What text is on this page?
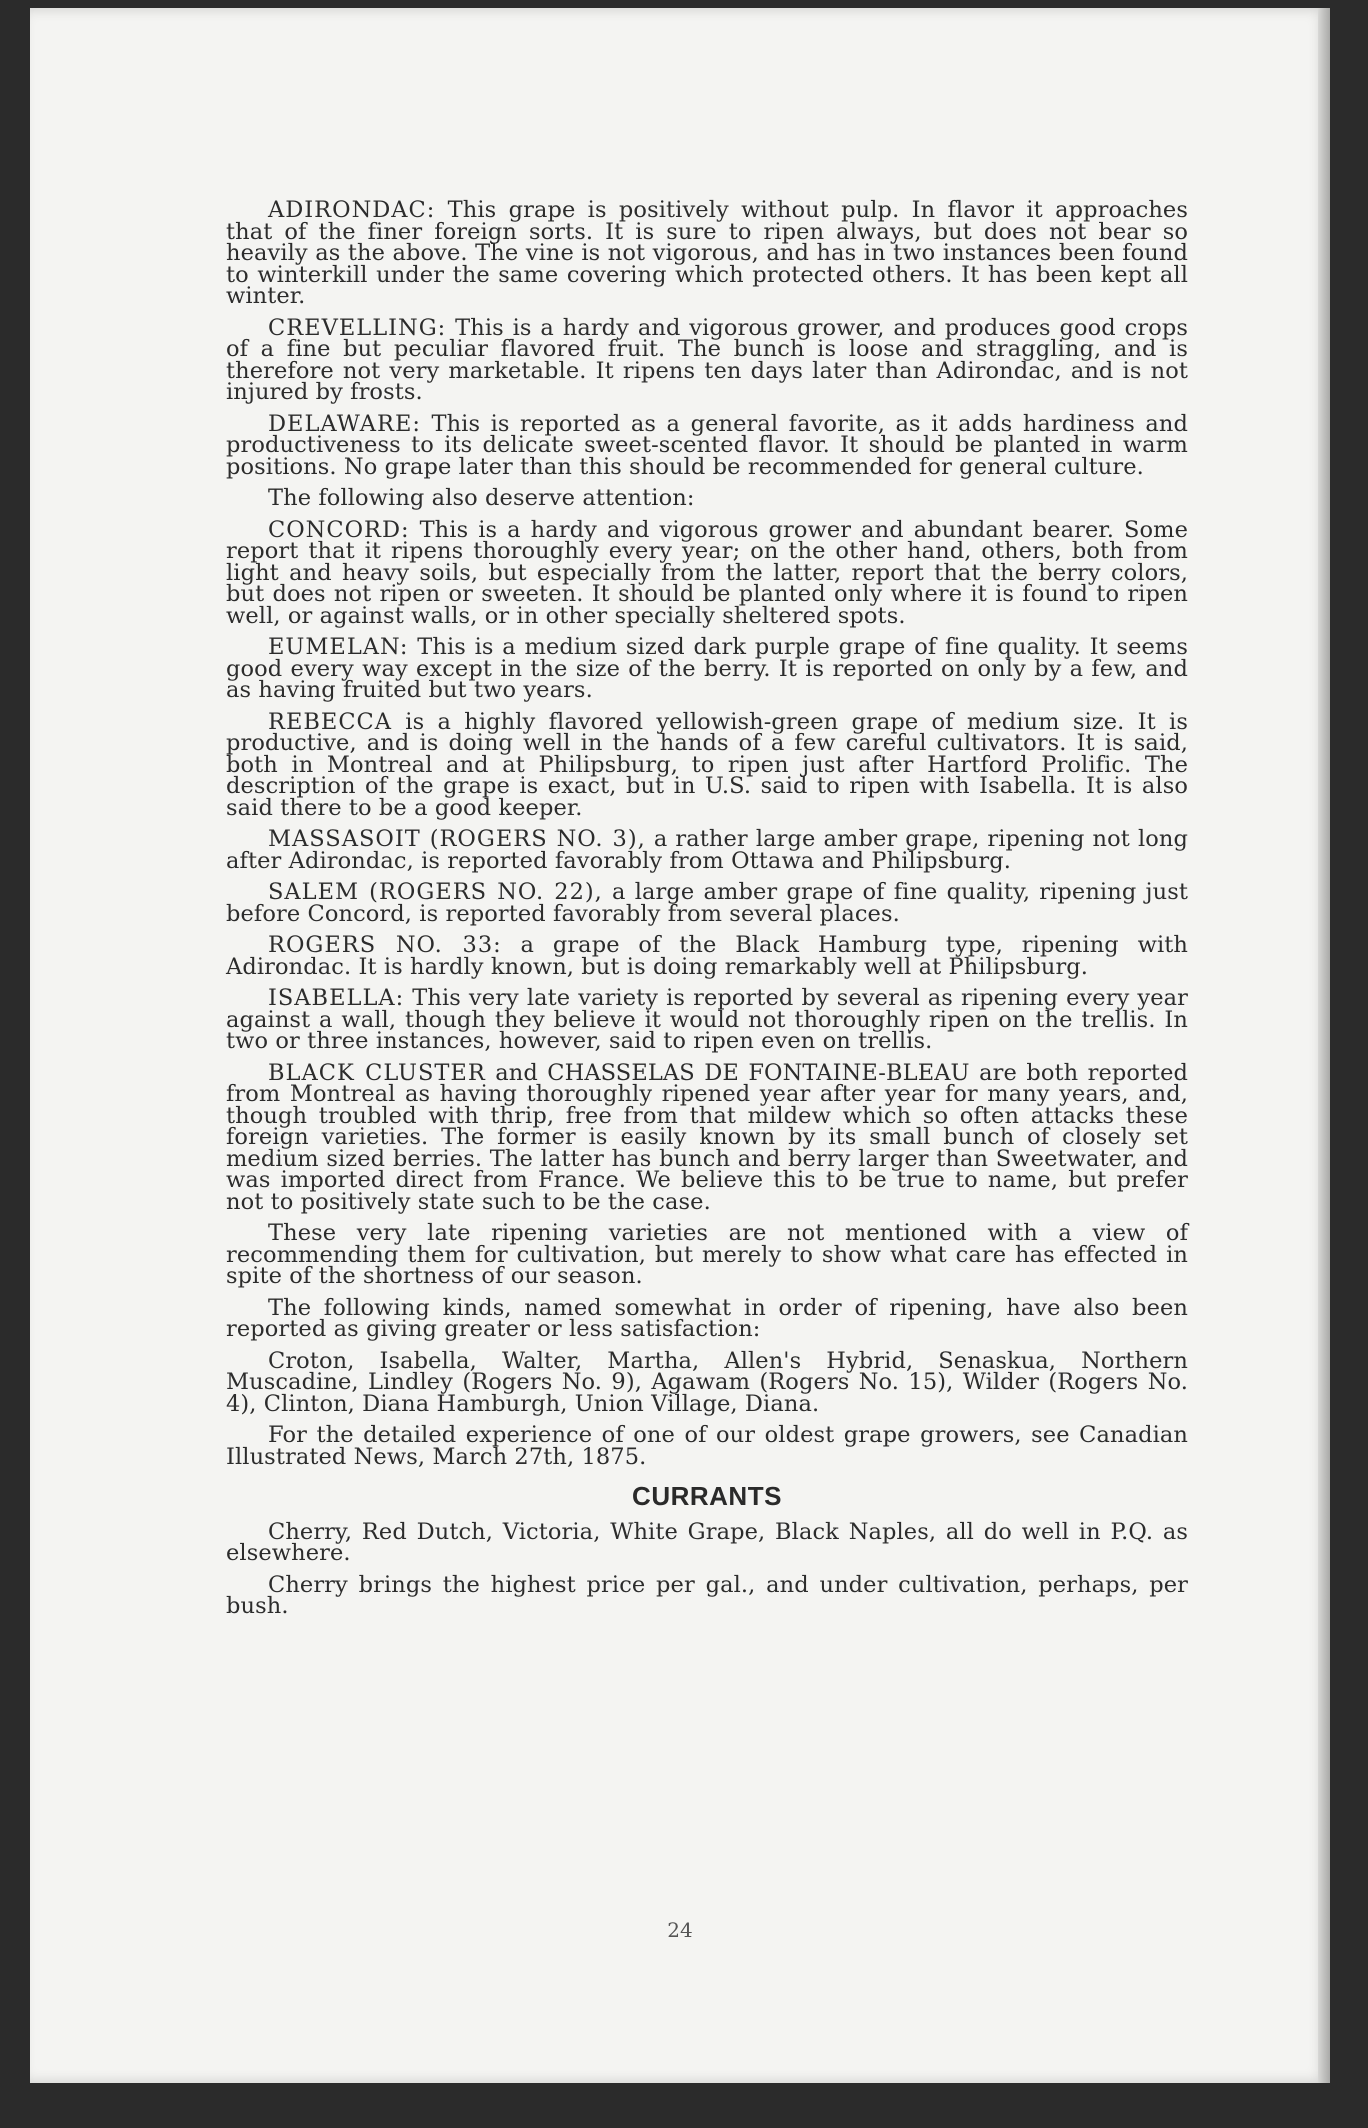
ADIRONDAC: This grape is positively without pulp. In flavor it approaches that of the finer foreign sorts. It is sure to ripen always, but does not bear so heavily as the above. The vine is not vigorous, and has in two instances been found to winterkill under the same covering which protected others. It has been kept all winter.

CREVELLING: This is a hardy and vigorous grower, and produces good crops of a fine but peculiar flavored fruit. The bunch is loose and straggling, and is therefore not very marketable. It ripens ten days later than Adirondac, and is not injured by frosts.

DELAWARE: This is reported as a general favorite, as it adds hardiness and productiveness to its delicate sweet-scented flavor. It should be planted in warm positions. No grape later than this should be recommended for general culture.

The following also deserve attention:

CONCORD: This is a hardy and vigorous grower and abundant bearer. Some report that it ripens thoroughly every year; on the other hand, others, both from light and heavy soils, but especially from the latter, report that the berry colors, but does not ripen or sweeten. It should be planted only where it is found to ripen well, or against walls, or in other specially sheltered spots.

EUMELAN: This is a medium sized dark purple grape of fine quality. It seems good every way except in the size of the berry. It is reported on only by a few, and as having fruited but two years.

REBECCA is a highly flavored yellowish-green grape of medium size. It is productive, and is doing well in the hands of a few careful cultivators. It is said, both in Montreal and at Philipsburg, to ripen just after Hartford Prolific. The description of the grape is exact, but in U.S. said to ripen with Isabella. It is also said there to be a good keeper.

MASSASOIT (ROGERS NO. 3), a rather large amber grape, ripening not long after Adirondac, is reported favorably from Ottawa and Philipsburg.

SALEM (ROGERS NO. 22), a large amber grape of fine quality, ripening just before Concord, is reported favorably from several places.

ROGERS NO. 33: a grape of the Black Hamburg type, ripening with Adirondac. It is hardly known, but is doing remarkably well at Philipsburg.

ISABELLA: This very late variety is reported by several as ripening every year against a wall, though they believe it would not thoroughly ripen on the trellis. In two or three instances, however, said to ripen even on trellis.

BLACK CLUSTER and CHASSELAS DE FONTAINE-BLEAU are both reported from Montreal as having thoroughly ripened year after year for many years, and, though troubled with thrip, free from that mildew which so often attacks these foreign varieties. The former is easily known by its small bunch of closely set medium sized berries. The latter has bunch and berry larger than Sweetwater, and was imported direct from France. We believe this to be true to name, but prefer not to positively state such to be the case.

These very late ripening varieties are not mentioned with a view of recommending them for cultivation, but merely to show what care has effected in spite of the shortness of our season.

The following kinds, named somewhat in order of ripening, have also been reported as giving greater or less satisfaction:

Croton, Isabella, Walter, Martha, Allen's Hybrid, Senaskua, Northern Muscadine, Lindley (Rogers No. 9), Agawam (Rogers No. 15), Wilder (Rogers No. 4), Clinton, Diana Hamburgh, Union Village, Diana.

For the detailed experience of one of our oldest grape growers, see Canadian Illustrated News, March 27th, 1875.

CURRANTS

Cherry, Red Dutch, Victoria, White Grape, Black Naples, all do well in P.Q. as elsewhere.

Cherry brings the highest price per gal., and under cultivation, perhaps, per bush.

24
